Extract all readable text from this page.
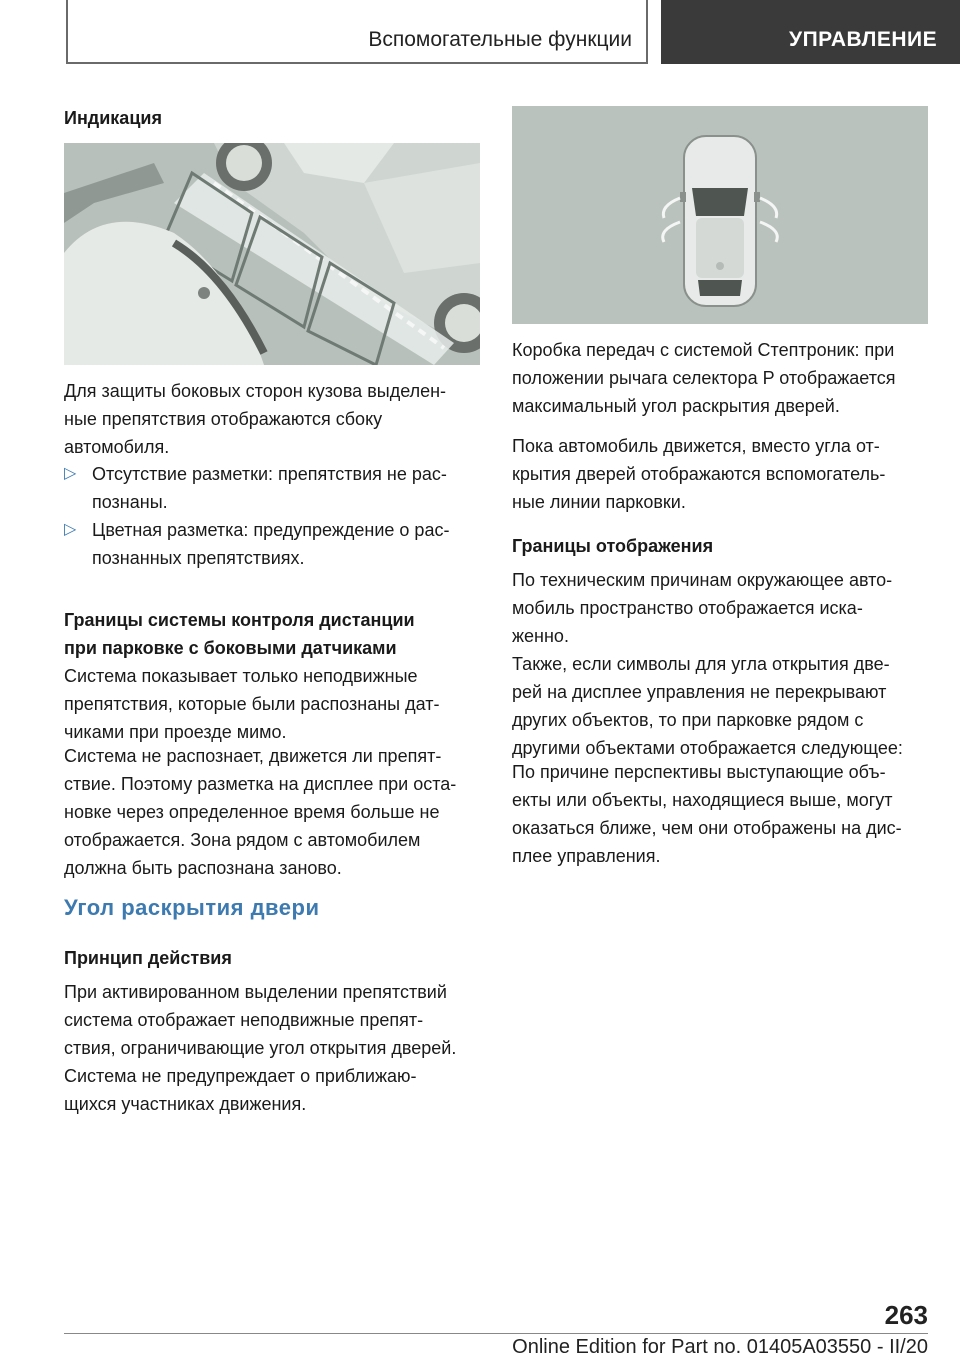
Вспомогательные функции	УПРАВЛЕНИЕ
Индикация
Для защиты боковых сторон кузова выделен-
ные препятствия отображаются сбоку
автомобиля.
▷ Отсутствие разметки: препятствия не рас-
познаны.
▷ Цветная разметка: предупреждение о рас-
познанных препятствиях.
Границы системы контроля дистанции
при парковке с боковыми датчиками
Система показывает только неподвижные
препятствия, которые были распознаны дат-
чиками при проезде мимо.
Система не распознает, движется ли препят-
ствие. Поэтому разметка на дисплее при оста-
новке через определенное время больше не
отображается. Зона рядом с автомобилем
должна быть распознана заново.
Угол раскрытия двери
Принцип действия
При активированном выделении препятствий
система отображает неподвижные препят-
ствия, ограничивающие угол открытия дверей.
Система не предупреждает о приближаю-
щихся участниках движения.
Коробка передач с системой Стептроник: при
положении рычага селектора P отображается
максимальный угол раскрытия дверей.
Пока автомобиль движется, вместо угла от-
крытия дверей отображаются вспомогатель-
ные линии парковки.
Границы отображения
По техническим причинам окружающее авто-
мобиль пространство отображается иска-
женно.
Также, если символы для угла открытия две-
рей на дисплее управления не перекрывают
других объектов, то при парковке рядом с
другими объектами отображается следующее:
По причине перспективы выступающие объ-
екты или объекты, находящиеся выше, могут
оказаться ближе, чем они отображены на дис-
плее управления.
263
Online Edition for Part no. 01405A03550 - II/20
